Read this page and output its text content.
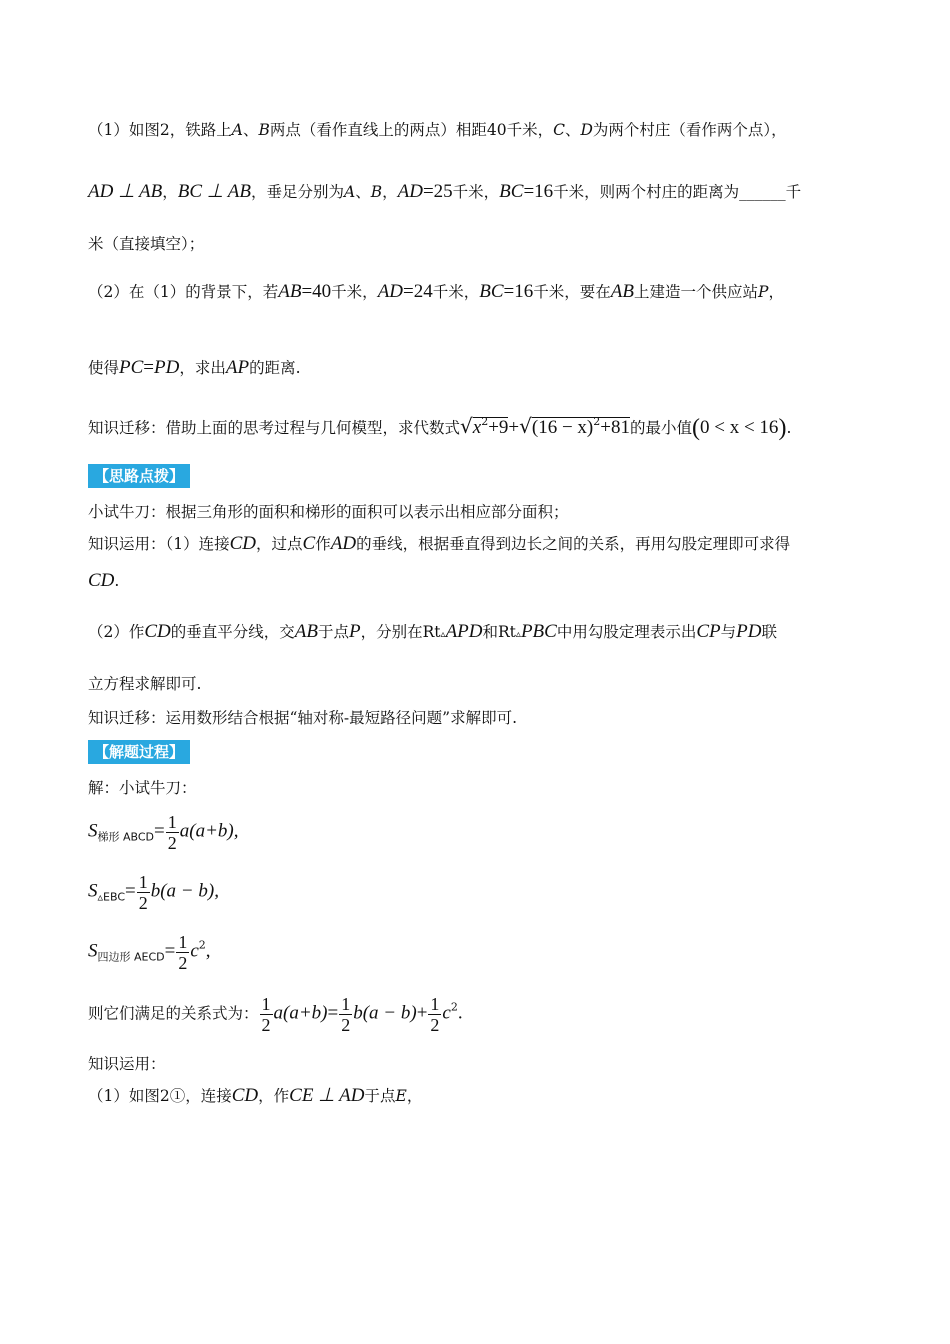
（1）如图2，铁路上A、B两点（看作直线上的两点）相距40千米，C、D为两个村庄（看作两个点），
AD ⊥ AB，BC ⊥ AB，垂足分别为A、B，AD=25千米，BC=16千米，则两个村庄的距离为______千
米（直接填空）；
（2）在（1）的背景下，若AB=40千米，AD=24千米，BC=16千米，要在AB上建造一个供应站P，
使得PC=PD，求出AP的距离.
知识迁移：借助上面的思考过程与几何模型，求代数式$√x^2+9+√(16 - x)^2+81$的最小值(0 < x < 16).
【思路点拨】
小试牛刀：根据三角形的面积和梯形的面积可以表示出相应部分面积；
知识运用：（1）连接CD，过点C作AD的垂线，根据垂直得到边长之间的关系，再用勾股定理即可求得
CD.
（2）作CD的垂直平分线，交AB于点P，分别在Rt▵APD和Rt▵PBC中用勾股定理表示出CP与PD联
立方程求解即可.
知识迁移：运用数形结合根据“轴对称-最短路径问题”求解即可.
【解题过程】
解：小试牛刀：
$S_{梯形 ABCD}= \frac{1}{2} a(a+b)$,
$S_{▵EBC}= \frac{1}{2} b(a - b)$,
$S_{四边形 AECD}= \frac{1}{2} c^2$,
则它们满足的关系式为： $\frac{1}{2} a(a+b)= \frac{1}{2} b(a - b)+ \frac{1}{2} c^2$.
知识运用：
（1）如图2①，连接CD，作CE ⊥ AD于点E，
